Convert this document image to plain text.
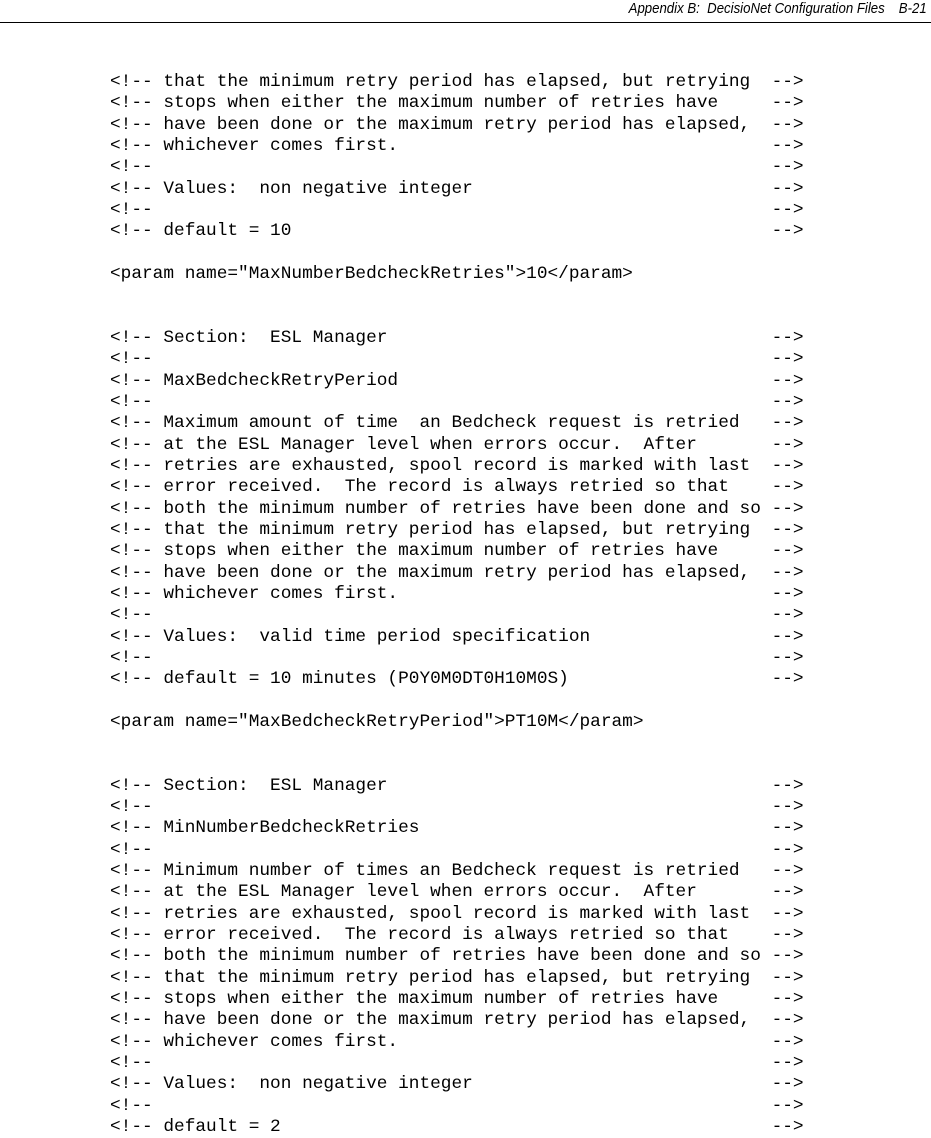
Appendix B:  DecisioNet Configuration Files B-21
<!-- that the minimum retry period has elapsed, but retrying  -->
<!-- stops when either the maximum number of retries have     -->
<!-- have been done or the maximum retry period has elapsed,  -->
<!-- whichever comes first.                                   -->
<!--                                                          -->
<!-- Values:  non negative integer                            -->
<!--                                                          -->
<!-- default = 10                                             -->
<param name="MaxNumberBedcheckRetries">10</param>
<!-- Section:  ESL Manager                                    -->
<!--                                                          -->
<!-- MaxBedcheckRetryPeriod                                   -->
<!--                                                          -->
<!-- Maximum amount of time  an Bedcheck request is retried   -->
<!-- at the ESL Manager level when errors occur.  After       -->
<!-- retries are exhausted, spool record is marked with last  -->
<!-- error received.  The record is always retried so that    -->
<!-- both the minimum number of retries have been done and so -->
<!-- that the minimum retry period has elapsed, but retrying  -->
<!-- stops when either the maximum number of retries have     -->
<!-- have been done or the maximum retry period has elapsed,  -->
<!-- whichever comes first.                                   -->
<!--                                                          -->
<!-- Values:  valid time period specification                 -->
<!--                                                          -->
<!-- default = 10 minutes (P0Y0M0DT0H10M0S)                   -->
<param name="MaxBedcheckRetryPeriod">PT10M</param>
<!-- Section:  ESL Manager                                    -->
<!--                                                          -->
<!-- MinNumberBedcheckRetries                                 -->
<!--                                                          -->
<!-- Minimum number of times an Bedcheck request is retried   -->
<!-- at the ESL Manager level when errors occur.  After       -->
<!-- retries are exhausted, spool record is marked with last  -->
<!-- error received.  The record is always retried so that    -->
<!-- both the minimum number of retries have been done and so -->
<!-- that the minimum retry period has elapsed, but retrying  -->
<!-- stops when either the maximum number of retries have     -->
<!-- have been done or the maximum retry period has elapsed,  -->
<!-- whichever comes first.                                   -->
<!--                                                          -->
<!-- Values:  non negative integer                            -->
<!--                                                          -->
<!-- default = 2                                              -->
